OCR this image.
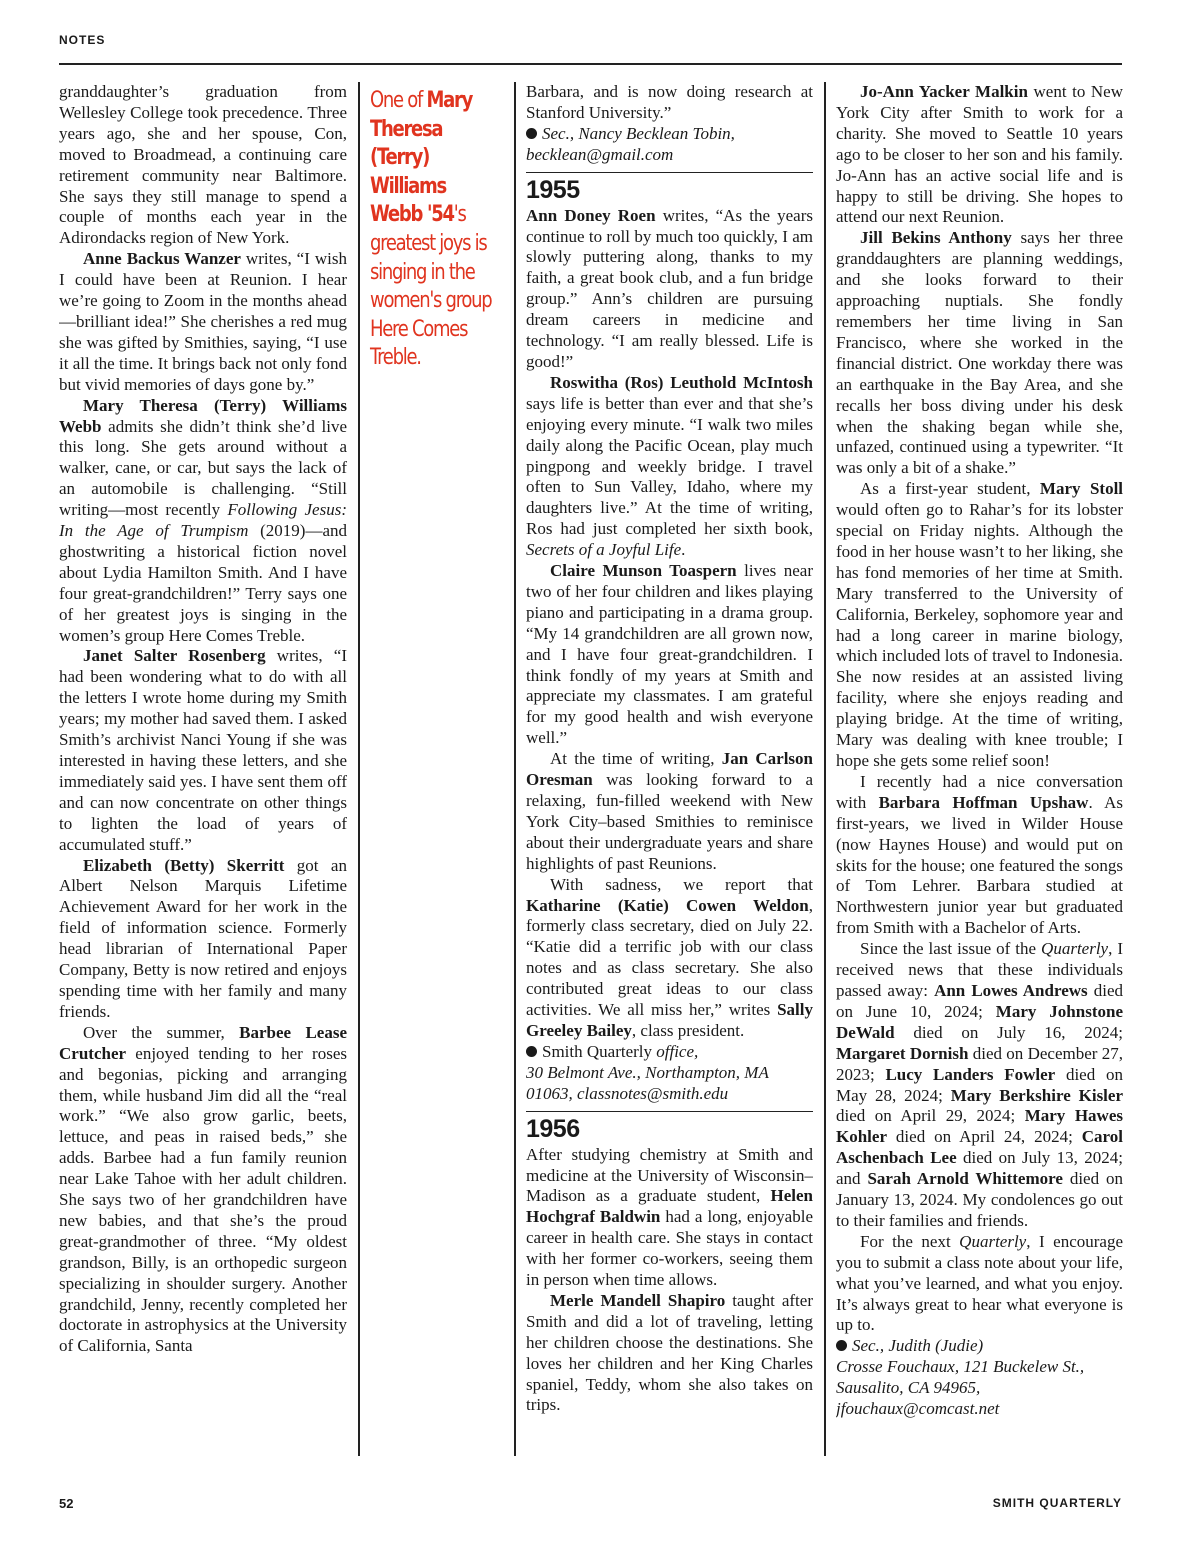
NOTES

granddaughter’s graduation from Wellesley College took precedence. Three years ago, she and her spouse, Con, moved to Broadmead, a continuing care retirement community near Baltimore. She says they still manage to spend a couple of months each year in the Adirondacks region of New York.

Anne Backus Wanzer writes, “I wish I could have been at Reunion. I hear we’re going to Zoom in the months ahead—brilliant idea!” She cherishes a red mug she was gifted by Smithies, saying, “I use it all the time. It brings back not only fond but vivid memories of days gone by.”

Mary Theresa (Terry) Williams Webb admits she didn’t think she’d live this long. She gets around without a walker, cane, or car, but says the lack of an automobile is challenging. “Still writing—most recently Following Jesus: In the Age of Trumpism (2019)—and ghostwriting a historical fiction novel about Lydia Hamilton Smith. And I have four great-grandchildren!” Terry says one of her greatest joys is singing in the women’s group Here Comes Treble.

Janet Salter Rosenberg writes, “I had been wondering what to do with all the letters I wrote home during my Smith years; my mother had saved them. I asked Smith’s archivist Nanci Young if she was interested in having these letters, and she immediately said yes. I have sent them off and can now concentrate on other things to lighten the load of years of accumulated stuff.”

Elizabeth (Betty) Skerritt got an Albert Nelson Marquis Lifetime Achievement Award for her work in the field of information science. Formerly head librarian of International Paper Company, Betty is now retired and enjoys spending time with her family and many friends.

Over the summer, Barbee Lease Crutcher enjoyed tending to her roses and begonias, picking and arranging them, while husband Jim did all the “real work.” “We also grow garlic, beets, lettuce, and peas in raised beds,” she adds. Barbee had a fun family reunion near Lake Tahoe with her adult children. She says two of her grandchildren have new babies, and that she’s the proud great-grandmother of three. “My oldest grandson, Billy, is an orthopedic surgeon specializing in shoulder surgery. Another grandchild, Jenny, recently completed her doctorate in astrophysics at the University of California, Santa

One of Mary Theresa (Terry) Williams Webb '54's greatest joys is singing in the women's group Here Comes Treble.

Barbara, and is now doing research at Stanford University.”

Sec., Nancy Becklean Tobin,
becklean@gmail.com

1955

Ann Doney Roen writes, “As the years continue to roll by much too quickly, I am slowly puttering along, thanks to my faith, a great book club, and a fun bridge group.” Ann’s children are pursuing dream careers in medicine and technology. “I am really blessed. Life is good!”

Roswitha (Ros) Leuthold McIntosh says life is better than ever and that she’s enjoying every minute. “I walk two miles daily along the Pacific Ocean, play much pingpong and weekly bridge. I travel often to Sun Valley, Idaho, where my daughters live.” At the time of writing, Ros had just completed her sixth book, Secrets of a Joyful Life.

Claire Munson Toaspern lives near two of her four children and likes playing piano and participating in a drama group. “My 14 grandchildren are all grown now, and I have four great-grandchildren. I think fondly of my years at Smith and appreciate my classmates. I am grateful for my good health and wish everyone well.”

At the time of writing, Jan Carlson Oresman was looking forward to a relaxing, fun-filled weekend with New York City–based Smithies to reminisce about their undergraduate years and share highlights of past Reunions.

With sadness, we report that Katharine (Katie) Cowen Weldon, formerly class secretary, died on July 22. “Katie did a terrific job with our class notes and as class secretary. She also contributed great ideas to our class activities. We all miss her,” writes Sally Greeley Bailey, class president.

Smith Quarterly office,
30 Belmont Ave., Northampton, MA
01063, classnotes@smith.edu

1956

After studying chemistry at Smith and medicine at the University of Wisconsin–Madison as a graduate student, Helen Hochgraf Baldwin had a long, enjoyable career in health care. She stays in contact with her former co-workers, seeing them in person when time allows.

Merle Mandell Shapiro taught after Smith and did a lot of traveling, letting her children choose the destinations. She loves her children and her King Charles spaniel, Teddy, whom she also takes on trips.

Jo-Ann Yacker Malkin went to New York City after Smith to work for a charity. She moved to Seattle 10 years ago to be closer to her son and his family. Jo-Ann has an active social life and is happy to still be driving. She hopes to attend our next Reunion.

Jill Bekins Anthony says her three granddaughters are planning weddings, and she looks forward to their approaching nuptials. She fondly remembers her time living in San Francisco, where she worked in the financial district. One workday there was an earthquake in the Bay Area, and she recalls her boss diving under his desk when the shaking began while she, unfazed, continued using a typewriter. “It was only a bit of a shake.”

As a first-year student, Mary Stoll would often go to Rahar’s for its lobster special on Friday nights. Although the food in her house wasn’t to her liking, she has fond memories of her time at Smith. Mary transferred to the University of California, Berkeley, sophomore year and had a long career in marine biology, which included lots of travel to Indonesia. She now resides at an assisted living facility, where she enjoys reading and playing bridge. At the time of writing, Mary was dealing with knee trouble; I hope she gets some relief soon!

I recently had a nice conversation with Barbara Hoffman Upshaw. As first-years, we lived in Wilder House (now Haynes House) and would put on skits for the house; one featured the songs of Tom Lehrer. Barbara studied at Northwestern junior year but graduated from Smith with a Bachelor of Arts.

Since the last issue of the Quarterly, I received news that these individuals passed away: Ann Lowes Andrews died on June 10, 2024; Mary Johnstone DeWald died on July 16, 2024; Margaret Dornish died on December 27, 2023; Lucy Landers Fowler died on May 28, 2024; Mary Berkshire Kisler died on April 29, 2024; Mary Hawes Kohler died on April 24, 2024; Carol Aschenbach Lee died on July 13, 2024; and Sarah Arnold Whittemore died on January 13, 2024. My condolences go out to their families and friends.

For the next Quarterly, I encourage you to submit a class note about your life, what you’ve learned, and what you enjoy. It’s always great to hear what everyone is up to.

Sec., Judith (Judie)
Crosse Fouchaux, 121 Buckelew St.,
Sausalito, CA 94965,
jfouchaux@comcast.net

52	SMITH QUARTERLY
